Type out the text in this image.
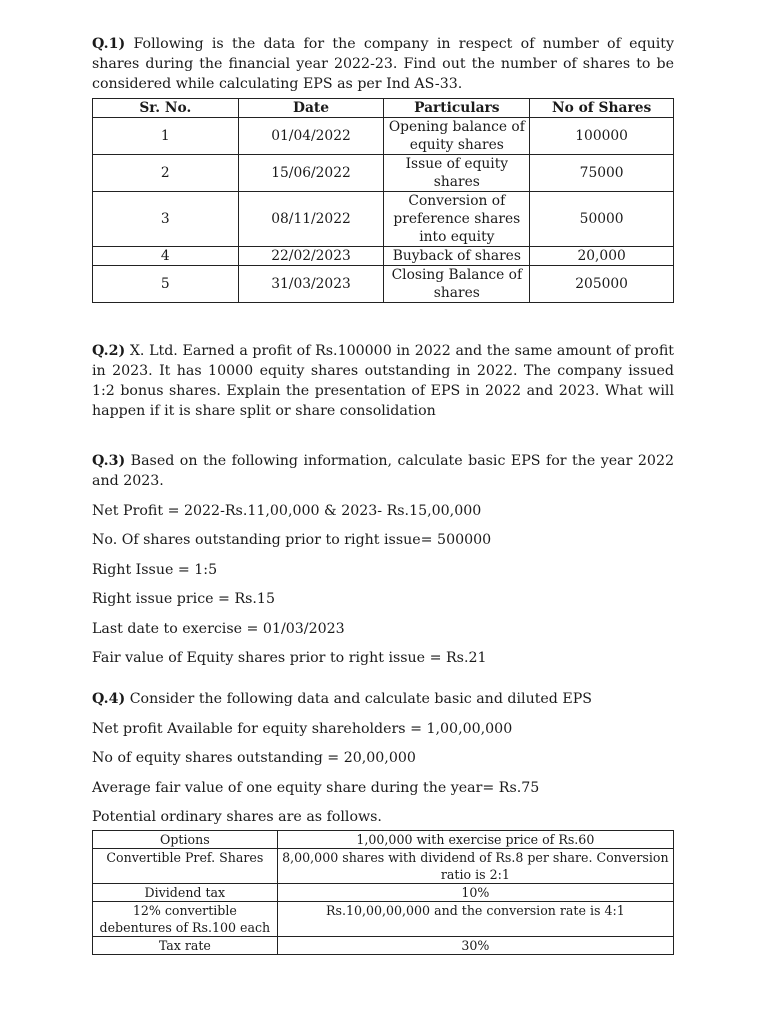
Q.1) Following is the data for the company in respect of number of equity shares during the financial year 2022-23. Find out the number of shares to be considered while calculating EPS as per Ind AS-33.

Sr. No.	Date	Particulars	No of Shares
1	01/04/2022	Opening balance of equity shares	100000
2	15/06/2022	Issue of equity shares	75000
3	08/11/2022	Conversion of preference shares into equity	50000
4	22/02/2023	Buyback of shares	20,000
5	31/03/2023	Closing Balance of shares	205000

Q.2) X. Ltd. Earned a profit of Rs.100000 in 2022 and the same amount of profit in 2023. It has 10000 equity shares outstanding in 2022. The company issued 1:2 bonus shares. Explain the presentation of EPS in 2022 and 2023. What will happen if it is share split or share consolidation

Q.3) Based on the following information, calculate basic EPS for the year 2022 and 2023.

Net Profit = 2022-Rs.11,00,000 & 2023- Rs.15,00,000
No. Of shares outstanding prior to right issue= 500000
Right Issue = 1:5
Right issue price = Rs.15
Last date to exercise = 01/03/2023
Fair value of Equity shares prior to right issue = Rs.21
Q.4) Consider the following data and calculate basic and diluted EPS
Net profit Available for equity shareholders = 1,00,00,000
No of equity shares outstanding = 20,00,000
Average fair value of one equity share during the year= Rs.75
Potential ordinary shares are as follows.
Options	1,00,000 with exercise price of Rs.60
Convertible Pref. Shares	8,00,000 shares with dividend of Rs.8 per share. Conversion ratio is 2:1
Dividend tax	10%
12% convertible debentures of Rs.100 each	Rs.10,00,00,000 and the conversion rate is 4:1
Tax rate	30%
